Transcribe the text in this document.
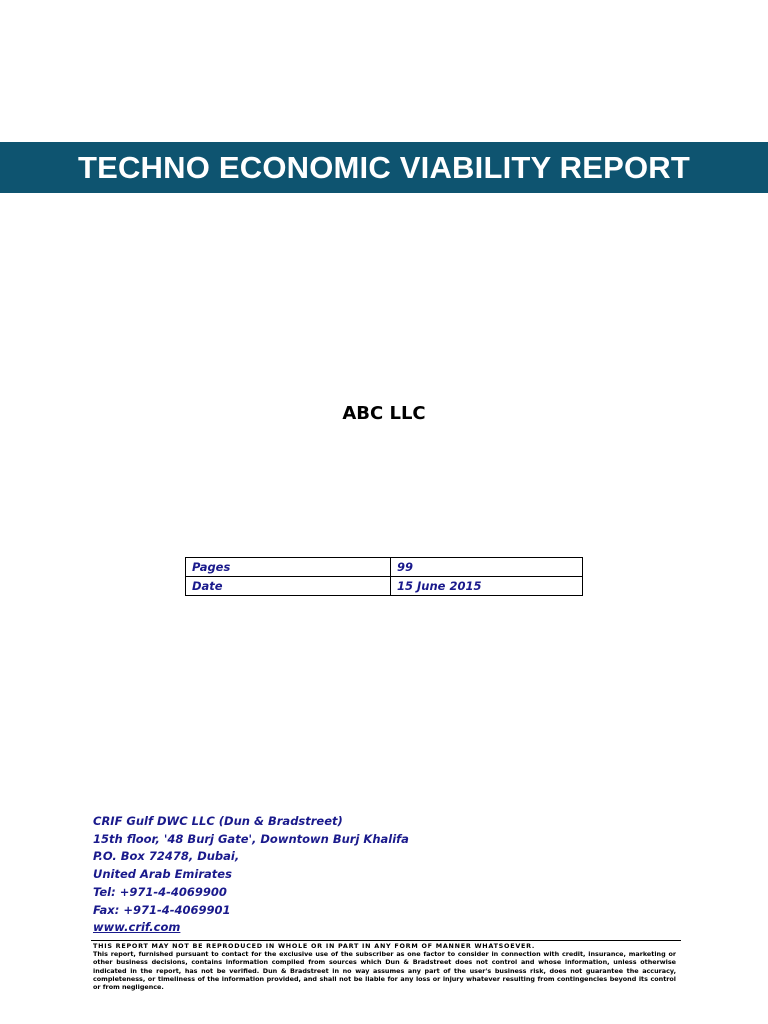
TECHNO ECONOMIC VIABILITY REPORT
ABC LLC
Pages	99
Date	15 June 2015
CRIF Gulf DWC LLC (Dun & Bradstreet)
15th floor, '48 Burj Gate', Downtown Burj Khalifa
P.O. Box 72478, Dubai,
United Arab Emirates
Tel: +971-4-4069900
Fax: +971-4-4069901
www.crif.com
THIS REPORT MAY NOT BE REPRODUCED IN WHOLE OR IN PART IN ANY FORM OF MANNER WHATSOEVER.
This report, furnished pursuant to contact for the exclusive use of the subscriber as one factor to consider in connection with credit, insurance, marketing or other business decisions, contains information compiled from sources which Dun & Bradstreet does not control and whose information, unless otherwise indicated in the report, has not be verified. Dun & Bradstreet in no way assumes any part of the user's business risk, does not guarantee the accuracy, completeness, or timeliness of the information provided, and shall not be liable for any loss or injury whatever resulting from contingencies beyond its control or from negligence.
